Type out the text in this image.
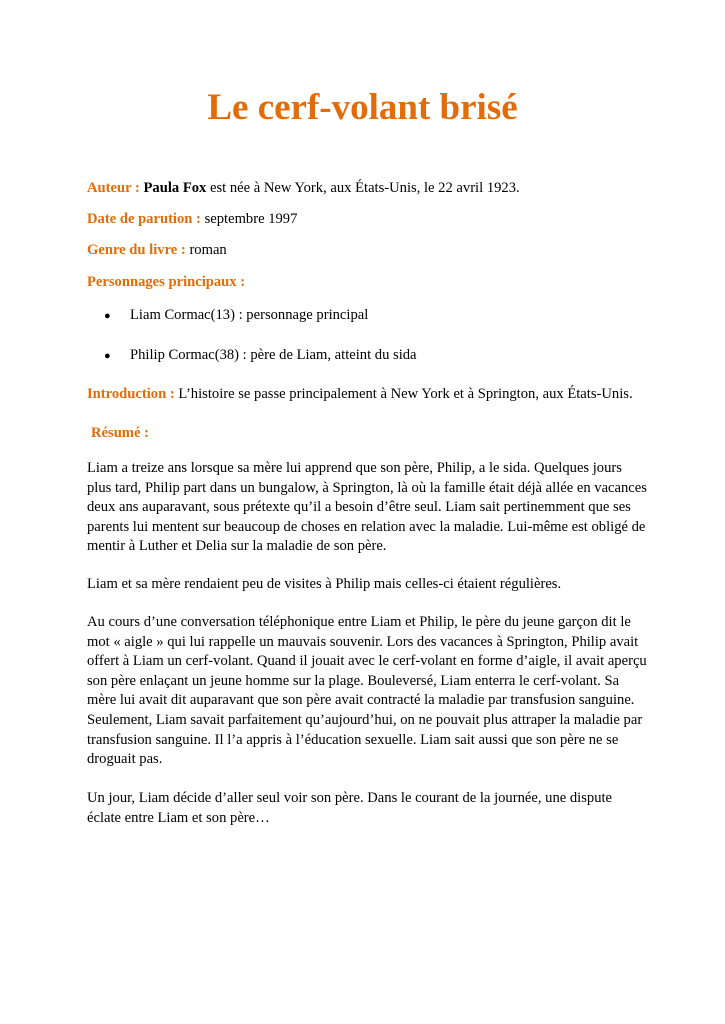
Le cerf-volant brisé
Auteur : Paula Fox est née à New York, aux États-Unis, le 22 avril 1923.
Date de parution : septembre 1997
Genre du livre : roman
Personnages principaux :
● Liam Cormac(13) : personnage principal
● Philip Cormac(38) : père de Liam, atteint du sida
Introduction : L’histoire se passe principalement à New York et à Springton, aux États-Unis.
Résumé :
Liam a treize ans lorsque sa mère lui apprend que son père, Philip, a le sida. Quelques jours plus tard, Philip part dans un bungalow, à Springton, là où la famille était déjà allée en vacances deux ans auparavant, sous prétexte qu’il a besoin d’être seul. Liam sait pertinemment que ses parents lui mentent sur beaucoup de choses en relation avec la maladie. Lui-même est obligé de mentir à Luther et Delia sur la maladie de son père.
Liam et sa mère rendaient peu de visites à Philip mais celles-ci étaient régulières.
Au cours d’une conversation téléphonique entre Liam et Philip, le père du jeune garçon dit le mot « aigle » qui lui rappelle un mauvais souvenir. Lors des vacances à Springton, Philip avait offert à Liam un cerf-volant. Quand il jouait avec le cerf-volant en forme d’aigle, il avait aperçu son père enlaçant un jeune homme sur la plage. Bouleversé, Liam enterra le cerf-volant. Sa mère lui avait dit auparavant que son père avait contracté la maladie par transfusion sanguine. Seulement, Liam savait parfaitement qu’aujourd’hui, on ne pouvait plus attraper la maladie par transfusion sanguine. Il l’a appris à l’éducation sexuelle. Liam sait aussi que son père ne se droguait pas.
Un jour, Liam décide d’aller seul voir son père. Dans le courant de la journée, une dispute éclate entre Liam et son père…
